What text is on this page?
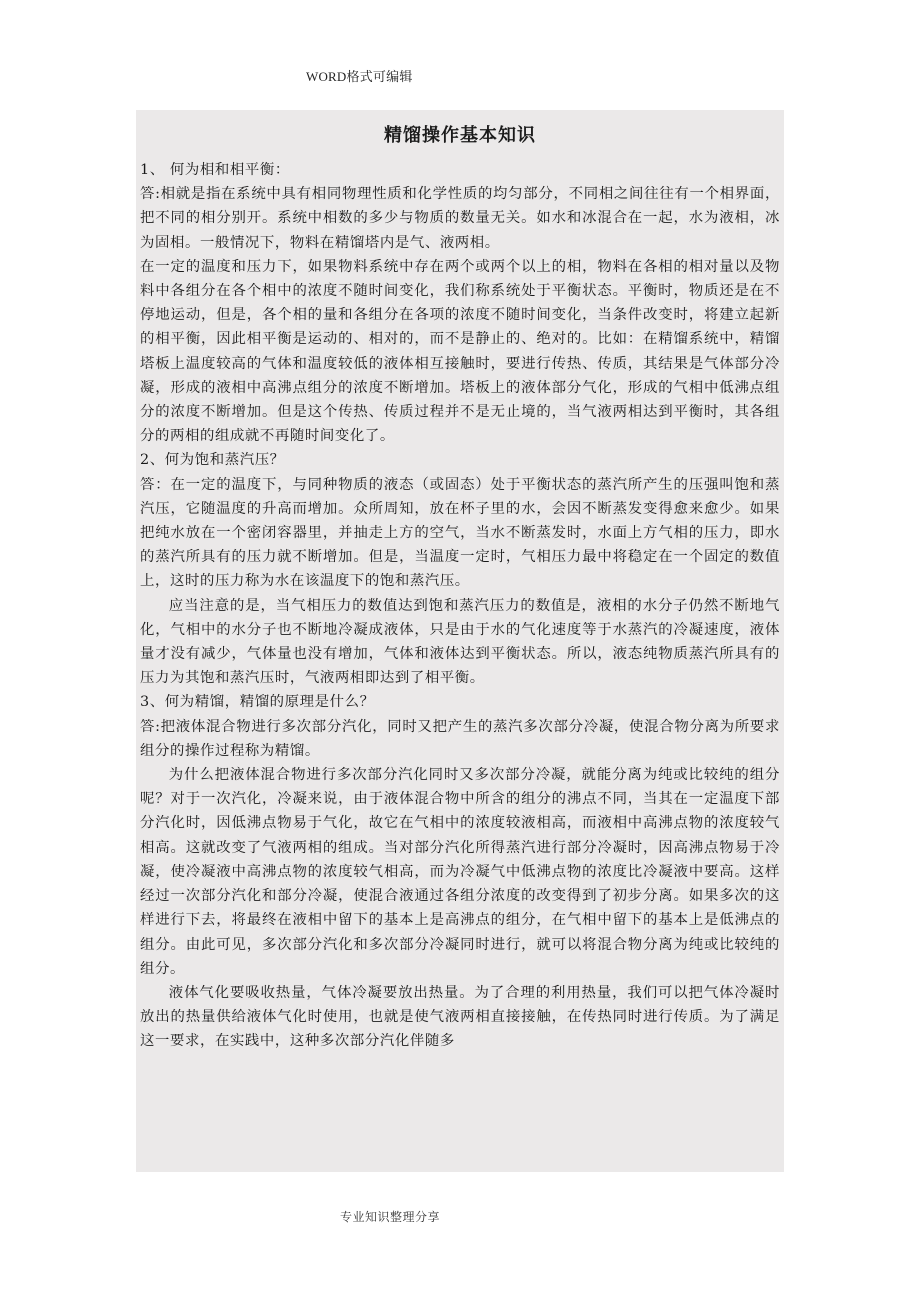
WORD格式可编辑
精馏操作基本知识

1、 何为相和相平衡：

答:相就是指在系统中具有相同物理性质和化学性质的均匀部分，不同相之间往往有一个相界面，把不同的相分别开。系统中相数的多少与物质的数量无关。如水和冰混合在一起，水为液相，冰为固相。一般情况下，物料在精馏塔内是气、液两相。

在一定的温度和压力下，如果物料系统中存在两个或两个以上的相，物料在各相的相对量以及物料中各组分在各个相中的浓度不随时间变化，我们称系统处于平衡状态。平衡时，物质还是在不停地运动，但是，各个相的量和各组分在各项的浓度不随时间变化，当条件改变时，将建立起新的相平衡，因此相平衡是运动的、相对的，而不是静止的、绝对的。比如：在精馏系统中，精馏塔板上温度较高的气体和温度较低的液体相互接触时，要进行传热、传质，其结果是气体部分冷凝，形成的液相中高沸点组分的浓度不断增加。塔板上的液体部分气化，形成的气相中低沸点组分的浓度不断增加。但是这个传热、传质过程并不是无止境的，当气液两相达到平衡时，其各组分的两相的组成就不再随时间变化了。

2、何为饱和蒸汽压？

答：在一定的温度下，与同种物质的液态（或固态）处于平衡状态的蒸汽所产生的压强叫饱和蒸汽压，它随温度的升高而增加。众所周知，放在杯子里的水，会因不断蒸发变得愈来愈少。如果把纯水放在一个密闭容器里，并抽走上方的空气，当水不断蒸发时，水面上方气相的压力，即水的蒸汽所具有的压力就不断增加。但是，当温度一定时，气相压力最中将稳定在一个固定的数值上，这时的压力称为水在该温度下的饱和蒸汽压。

应当注意的是，当气相压力的数值达到饱和蒸汽压力的数值是，液相的水分子仍然不断地气化，气相中的水分子也不断地冷凝成液体，只是由于水的气化速度等于水蒸汽的冷凝速度，液体量才没有减少，气体量也没有增加，气体和液体达到平衡状态。所以，液态纯物质蒸汽所具有的压力为其饱和蒸汽压时，气液两相即达到了相平衡。

3、何为精馏，精馏的原理是什么？

答:把液体混合物进行多次部分汽化，同时又把产生的蒸汽多次部分冷凝，使混合物分离为所要求组分的操作过程称为精馏。

为什么把液体混合物进行多次部分汽化同时又多次部分冷凝，就能分离为纯或比较纯的组分呢？对于一次汽化，冷凝来说，由于液体混合物中所含的组分的沸点不同，当其在一定温度下部分汽化时，因低沸点物易于气化，故它在气相中的浓度较液相高，而液相中高沸点物的浓度较气相高。这就改变了气液两相的组成。当对部分汽化所得蒸汽进行部分冷凝时，因高沸点物易于冷凝，使冷凝液中高沸点物的浓度较气相高，而为冷凝气中低沸点物的浓度比冷凝液中要高。这样经过一次部分汽化和部分冷凝，使混合液通过各组分浓度的改变得到了初步分离。如果多次的这样进行下去，将最终在液相中留下的基本上是高沸点的组分，在气相中留下的基本上是低沸点的组分。由此可见，多次部分汽化和多次部分冷凝同时进行，就可以将混合物分离为纯或比较纯的组分。

液体气化要吸收热量，气体冷凝要放出热量。为了合理的利用热量，我们可以把气体冷凝时放出的热量供给液体气化时使用，也就是使气液两相直接接触，在传热同时进行传质。为了满足这一要求，在实践中，这种多次部分汽化伴随多

专业知识整理分享
